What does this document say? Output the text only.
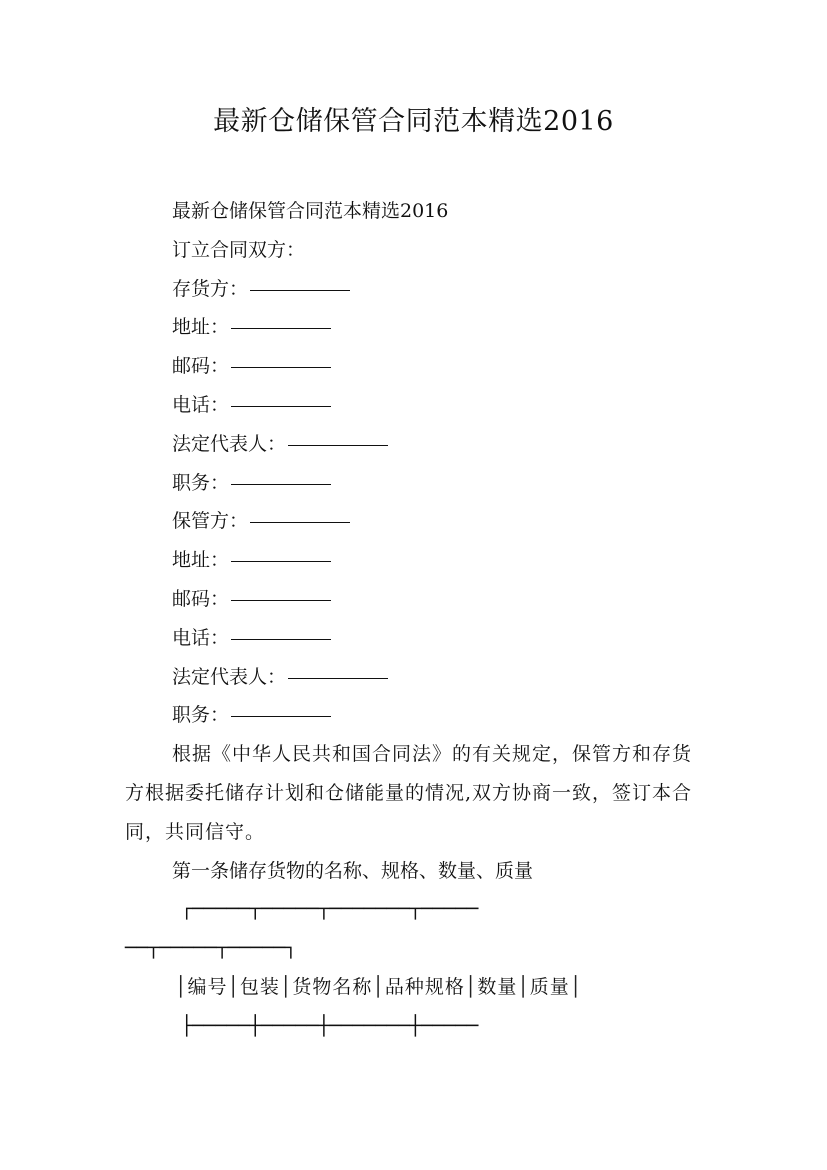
最新仓储保管合同范本精选2016

最新仓储保管合同范本精选2016

订立合同双方：

存货方：

地址：

邮码：

电话：

法定代表人：

职务：

保管方：

地址：

邮码：

电话：

法定代表人：

职务：

根据《中华人民共和国合同法》的有关规定，保管方和存货方根据委托储存计划和仓储能量的情况,双方协商一致，签订本合同，共同信守。

第一条储存货物的名称、规格、数量、质量

┌─────┬─────┬───────┬─────

──┬─────┬─────┐

│编号│包装│货物名称│品种规格│数量│质量│

├─────┼─────┼───────┼─────
